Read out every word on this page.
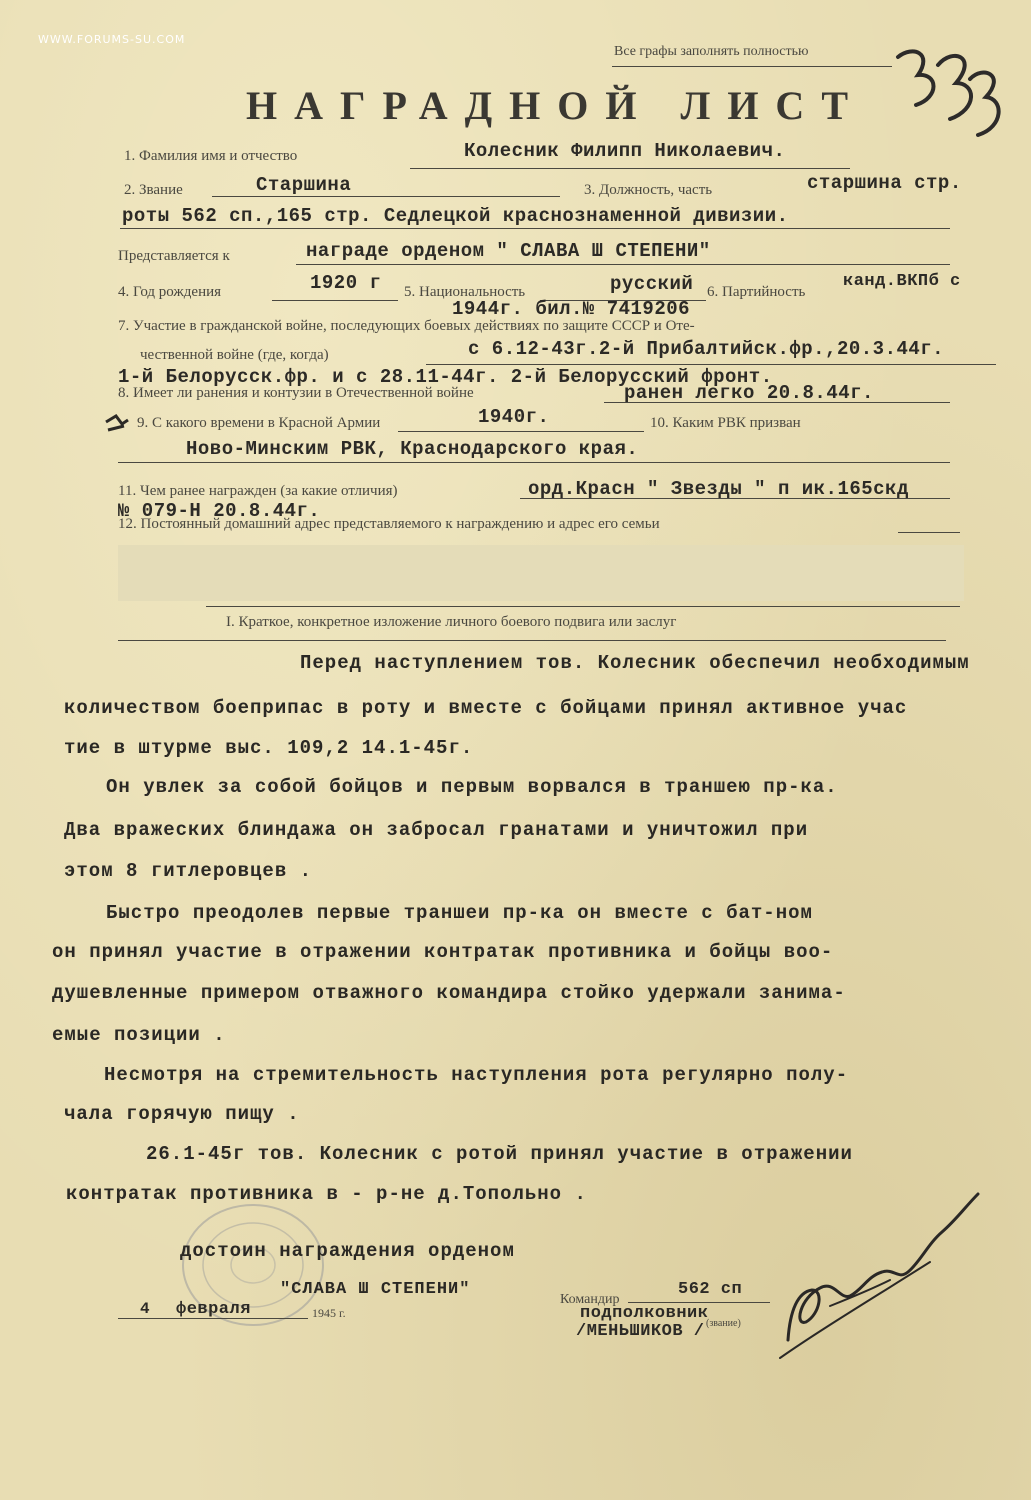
WWW.FORUMS-SU.COM
Все графы заполнять полностью
НАГРАДНОЙ ЛИСТ
1. Фамилия имя и отчество	Колесник Филипп Николаевич.
2. Звание	Старшина	3. Должность, часть	старшина стр.
роты 562 сп.,165 стр. Седлецкой краснознаменной дивизии.
Представляется к	награде орденом " СЛАВА Ш СТЕПЕНИ"
4. Год рождения	1920 г 5. Национальность	русский 6. Партийность
канд.ВКПб с
1944г. бил.№ 7419206
7. Участие в гражданской войне, последующих боевых действиях по защите СССР и Оте-
чественной войне (где, когда)	с 6.12-43г.2-й Прибалтийск.фр.,20.3.44г.
1-й Белорусск.фр. и с 28.11-44г. 2-й Белорусский фронт.
8. Имеет ли ранения и контузии в Отечественной войне	ранен легко 20.8.44г.
9. С какого времени в Красной Армии	1940г.	10. Каким РВК призван
Ново-Минским РВК, Краснодарского края.
11. Чем ранее награжден (за какие отличия)	орд.Красн " Звезды " п ик.165скд
№ 079-Н 20.8.44г.
12. Постоянный домашний адрес представляемого к награждению и адрес его семьи
I. Краткое, конкретное изложение личного боевого подвига или заслуг
Перед наступлением тов. Колесник обеспечил необходимым
количеством боеприпас в роту и вместе с бойцами принял активное учас
тие в штурме выс. 109,2 14.1-45г.
Он увлек за собой бойцов и первым ворвался в траншею пр-ка.
Два вражеских блиндажа он забросал гранатами и уничтожил при
этом 8 гитлеровцев .
Быстро преодолев первые траншеи пр-ка он вместе с бат-ном
он принял участие в отражении контратак противника и бойцы воо-
душевленные примером отважного командира стойко удержали занима-
емые позиции .
Несмотря на стремительность наступления рота регулярно полу-
чала горячую пищу .
26.1-45г тов. Колесник с ротой принял участие в отражении
контратак противника в - р-не д.Топольно .
достоин награждения орденом
"СЛАВА Ш СТЕПЕНИ"
4 февраля	1945 г.
Командир
562 сп
подполковник
(звание)
/МЕНЬШИКОВ /
